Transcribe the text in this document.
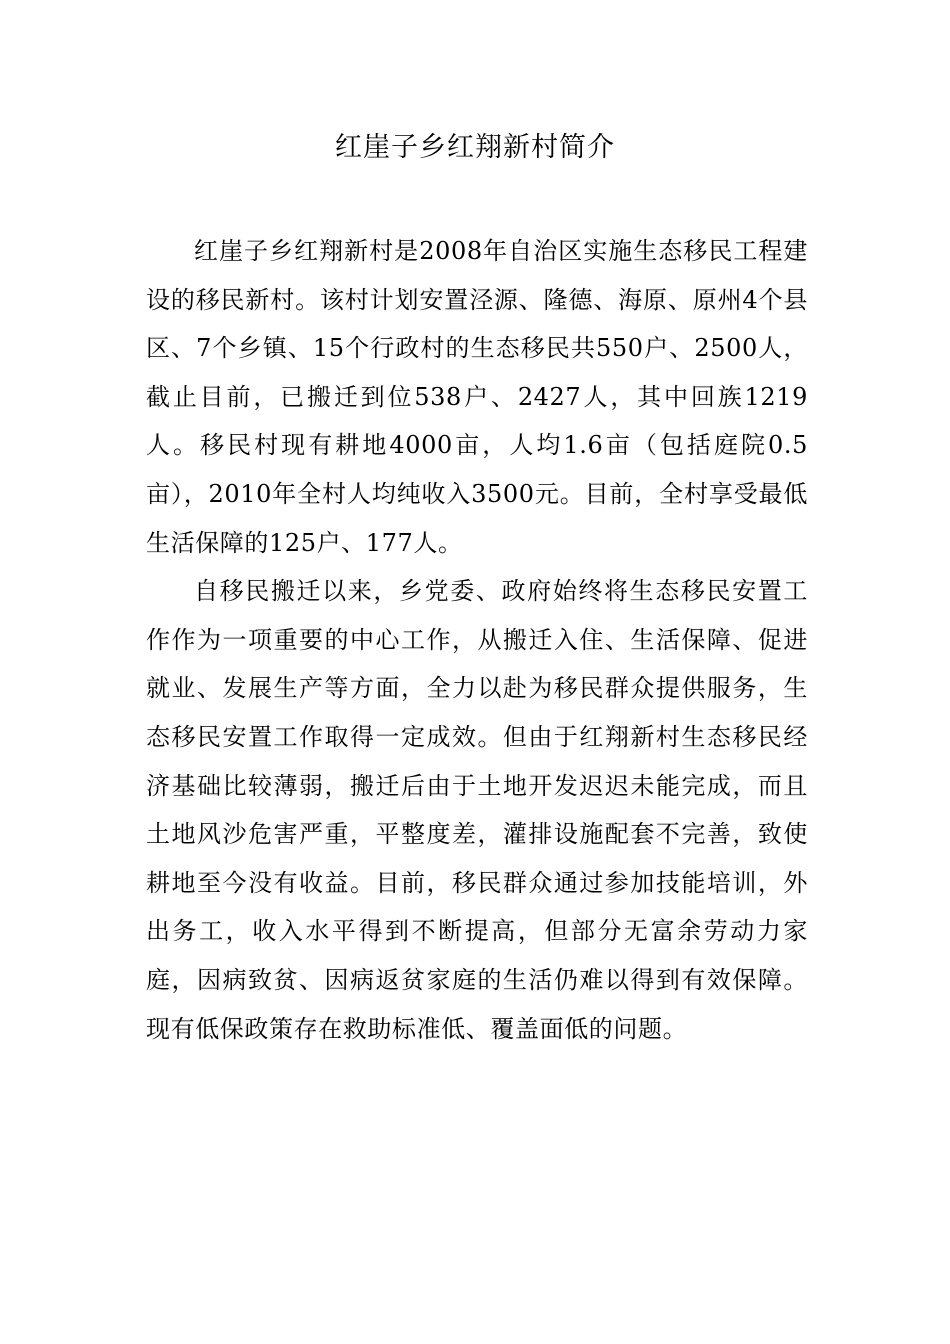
红崖子乡红翔新村简介

红崖子乡红翔新村是2008年自治区实施生态移民工程建设的移民新村。该村计划安置泾源、隆德、海原、原州4个县区、7个乡镇、15个行政村的生态移民共550户、2500人，截止目前，已搬迁到位538户、2427人，其中回族1219人。移民村现有耕地4000亩，人均1.6亩（包括庭院0.5亩），2010年全村人均纯收入3500元。目前，全村享受最低生活保障的125户、177人。

自移民搬迁以来，乡党委、政府始终将生态移民安置工作作为一项重要的中心工作，从搬迁入住、生活保障、促进就业、发展生产等方面，全力以赴为移民群众提供服务，生态移民安置工作取得一定成效。但由于红翔新村生态移民经济基础比较薄弱，搬迁后由于土地开发迟迟未能完成，而且土地风沙危害严重，平整度差，灌排设施配套不完善，致使耕地至今没有收益。目前，移民群众通过参加技能培训，外出务工，收入水平得到不断提高，但部分无富余劳动力家庭，因病致贫、因病返贫家庭的生活仍难以得到有效保障。现有低保政策存在救助标准低、覆盖面低的问题。
